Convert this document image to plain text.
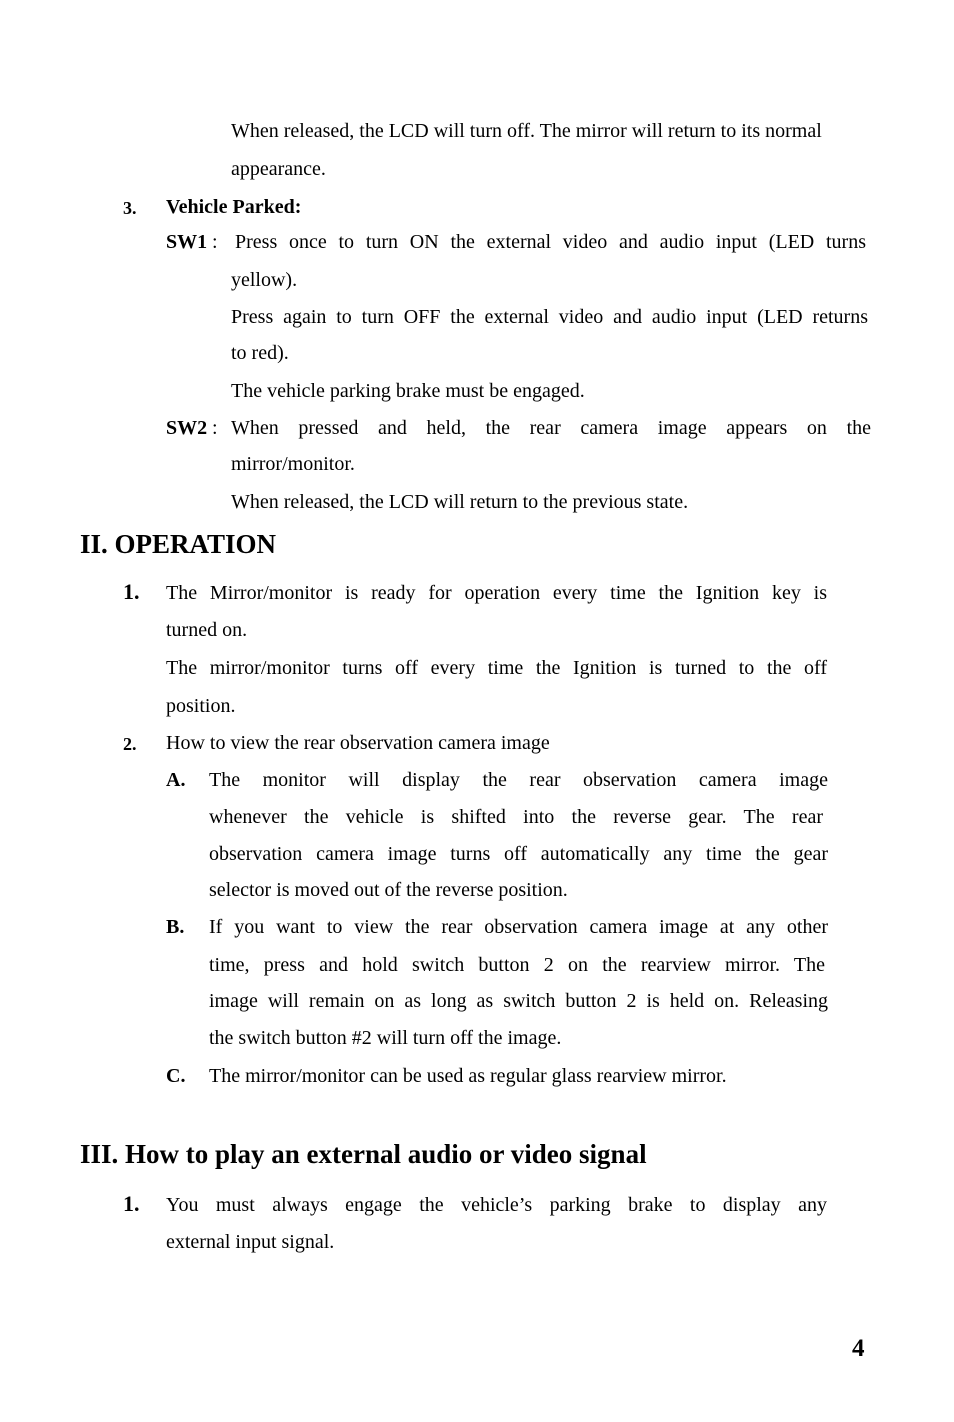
When released, the LCD will turn off. The mirror will return to its normal
appearance.
3. Vehicle Parked:
SW1 : Press once to turn ON the external video and audio input (LED turns
yellow).
Press again to turn OFF the external video and audio input (LED returns
to red).
The vehicle parking brake must be engaged.
SW2 : When pressed and held, the rear camera image appears on the
mirror/monitor.
When released, the LCD will return to the previous state.
II. OPERATION
1. The Mirror/monitor is ready for operation every time the Ignition key is
turned on.
The mirror/monitor turns off every time the Ignition is turned to the off
position.
2. How to view the rear observation camera image
A. The monitor will display the rear observation camera image
whenever the vehicle is shifted into the reverse gear. The rear
observation camera image turns off automatically any time the gear
selector is moved out of the reverse position.
B. If you want to view the rear observation camera image at any other
time, press and hold switch button 2 on the rearview mirror. The
image will remain on as long as switch button 2 is held on. Releasing
the switch button #2 will turn off the image.
C. The mirror/monitor can be used as regular glass rearview mirror.
III. How to play an external audio or video signal
1. You must always engage the vehicle’s parking brake to display any
external input signal.
4
